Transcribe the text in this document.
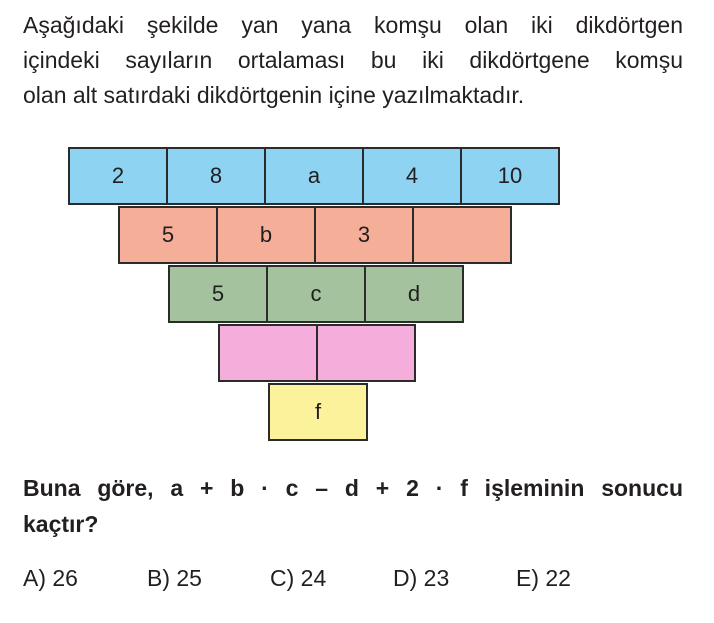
Aşağıdaki şekilde yan yana komşu olan iki dikdörtgen
içindeki sayıların ortalaması bu iki dikdörtgene komşu
olan alt satırdaki dikdörtgenin içine yazılmaktadır.

2	8	a	4	10
5	b	3
5	c	d
f

Buna göre, a + b · c – d + 2 · f işleminin sonucu
kaçtır?

A) 26	B) 25	C) 24	D) 23	E) 22
